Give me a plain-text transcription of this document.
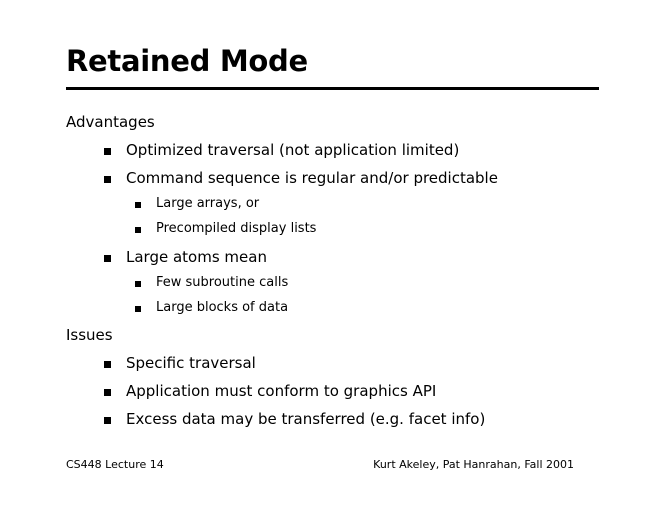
Retained Mode
Advantages
Optimized traversal (not application limited)
Command sequence is regular and/or predictable
Large arrays, or
Precompiled display lists
Large atoms mean
Few subroutine calls
Large blocks of data
Issues
Specific traversal
Application must conform to graphics API
Excess data may be transferred (e.g. facet info)
CS448 Lecture 14	Kurt Akeley, Pat Hanrahan, Fall 2001
